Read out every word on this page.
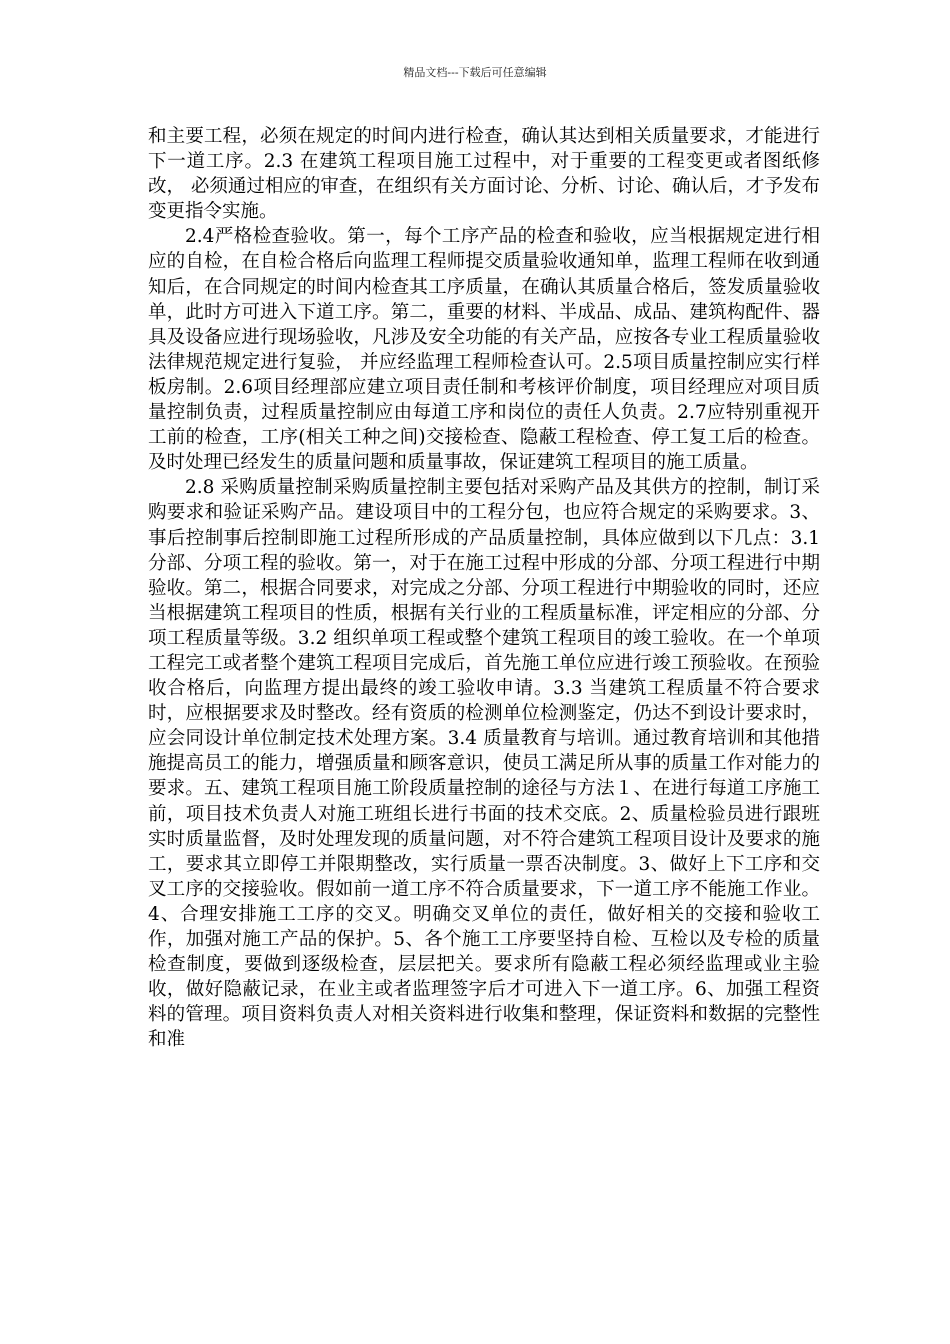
精品文档---下载后可任意编辑

和主要工程，必须在规定的时间内进行检查，确认其达到相关质量要求，才能进行下一道工序。2.3 在建筑工程项目施工过程中，对于重要的工程变更或者图纸修改， 必须通过相应的审查，在组织有关方面讨论、分析、讨论、确认后，才予发布变更指令实施。

2.4严格检查验收。第一，每个工序产品的检查和验收，应当根据规定进行相应的自检，在自检合格后向监理工程师提交质量验收通知单，监理工程师在收到通知后，在合同规定的时间内检查其工序质量，在确认其质量合格后，签发质量验收单，此时方可进入下道工序。第二，重要的材料、半成品、成品、建筑构配件、器具及设备应进行现场验收，凡涉及安全功能的有关产品，应按各专业工程质量验收法律规范规定进行复验， 并应经监理工程师检查认可。2.5项目质量控制应实行样板房制。2.6项目经理部应建立项目责任制和考核评价制度，项目经理应对项目质量控制负责，过程质量控制应由每道工序和岗位的责任人负责。2.7应特别重视开工前的检查，工序(相关工种之间)交接检查、隐蔽工程检查、停工复工后的检查。及时处理已经发生的质量问题和质量事故，保证建筑工程项目的施工质量。

2.8 采购质量控制采购质量控制主要包括对采购产品及其供方的控制，制订采购要求和验证采购产品。建设项目中的工程分包，也应符合规定的采购要求。3、事后控制事后控制即施工过程所形成的产品质量控制，具体应做到以下几点：3.1 分部、分项工程的验收。第一，对于在施工过程中形成的分部、分项工程进行中期验收。第二，根据合同要求，对完成之分部、分项工程进行中期验收的同时，还应当根据建筑工程项目的性质，根据有关行业的工程质量标准，评定相应的分部、分项工程质量等级。3.2 组织单项工程或整个建筑工程项目的竣工验收。在一个单项工程完工或者整个建筑工程项目完成后，首先施工单位应进行竣工预验收。在预验收合格后，向监理方提出最终的竣工验收申请。3.3 当建筑工程质量不符合要求时，应根据要求及时整改。经有资质的检测单位检测鉴定，仍达不到设计要求时，应会同设计单位制定技术处理方案。3.4 质量教育与培训。通过教育培训和其他措施提高员工的能力，增强质量和顾客意识，使员工满足所从事的质量工作对能力的要求。五、建筑工程项目施工阶段质量控制的途径与方法１、在进行每道工序施工前，项目技术负责人对施工班组长进行书面的技术交底。2、质量检验员进行跟班实时质量监督，及时处理发现的质量问题，对不符合建筑工程项目设计及要求的施工，要求其立即停工并限期整改，实行质量一票否决制度。3、做好上下工序和交叉工序的交接验收。假如前一道工序不符合质量要求，下一道工序不能施工作业。4、合理安排施工工序的交叉。明确交叉单位的责任，做好相关的交接和验收工作，加强对施工产品的保护。5、各个施工工序要坚持自检、互检以及专检的质量检查制度，要做到逐级检查，层层把关。要求所有隐蔽工程必须经监理或业主验收，做好隐蔽记录，在业主或者监理签字后才可进入下一道工序。6、加强工程资料的管理。项目资料负责人对相关资料进行收集和整理，保证资料和数据的完整性和准
